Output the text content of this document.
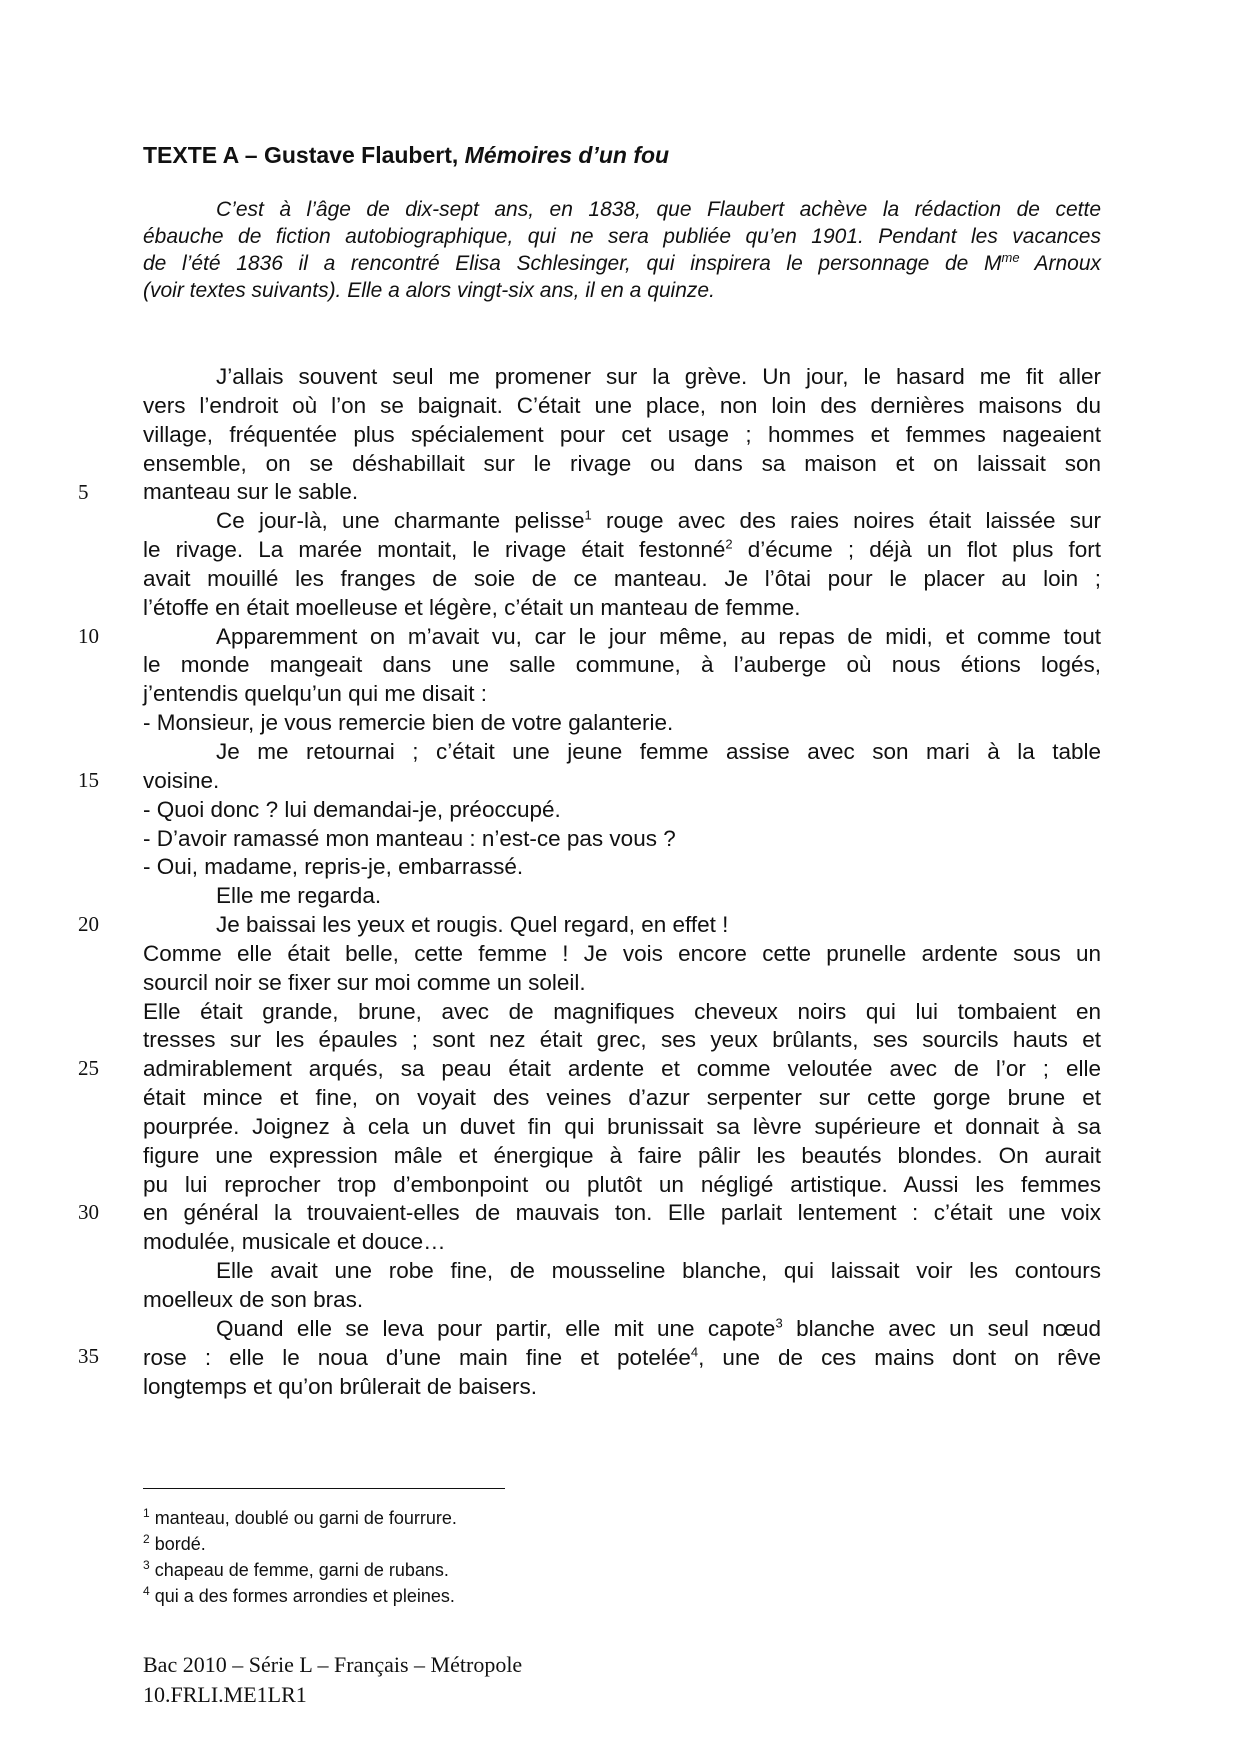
TEXTE A – Gustave Flaubert, Mémoires d’un fou
C’est à l’âge de dix-sept ans, en 1838, que Flaubert achève la rédaction de cette
ébauche de fiction autobiographique, qui ne sera publiée qu’en 1901. Pendant les vacances
de l’été 1836 il a rencontré Elisa Schlesinger, qui inspirera le personnage de $M^{me}$ Arnoux
(voir textes suivants). Elle a alors vingt-six ans, il en a quinze.
J’allais souvent seul me promener sur la grève. Un jour, le hasard me fit aller
vers l’endroit où l’on se baignait. C’était une place, non loin des dernières maisons du
village, fréquentée plus spécialement pour cet usage ; hommes et femmes nageaient
ensemble, on se déshabillait sur le rivage ou dans sa maison et on laissait son
manteau sur le sable.
Ce jour-là, une charmante pelisse$^1$ rouge avec des raies noires était laissée sur
le rivage. La marée montait, le rivage était festonné$^2$ d’écume ; déjà un flot plus fort
avait mouillé les franges de soie de ce manteau. Je l’ôtai pour le placer au loin ;
l’étoffe en était moelleuse et légère, c’était un manteau de femme.
Apparemment on m’avait vu, car le jour même, au repas de midi, et comme tout
le monde mangeait dans une salle commune, à l’auberge où nous étions logés,
j’entendis quelqu’un qui me disait :
- Monsieur, je vous remercie bien de votre galanterie.
Je me retournai ; c’était une jeune femme assise avec son mari à la table
voisine.
- Quoi donc ? lui demandai-je, préoccupé.
- D’avoir ramassé mon manteau : n’est-ce pas vous ?
- Oui, madame, repris-je, embarrassé.
Elle me regarda.
Je baissai les yeux et rougis. Quel regard, en effet !
Comme elle était belle, cette femme ! Je vois encore cette prunelle ardente sous un
sourcil noir se fixer sur moi comme un soleil.
Elle était grande, brune, avec de magnifiques cheveux noirs qui lui tombaient en
tresses sur les épaules ; sont nez était grec, ses yeux brûlants, ses sourcils hauts et
admirablement arqués, sa peau était ardente et comme veloutée avec de l’or ; elle
était mince et fine, on voyait des veines d’azur serpenter sur cette gorge brune et
pourprée. Joignez à cela un duvet fin qui brunissait sa lèvre supérieure et donnait à sa
figure une expression mâle et énergique à faire pâlir les beautés blondes. On aurait
pu lui reprocher trop d’embonpoint ou plutôt un négligé artistique. Aussi les femmes
en général la trouvaient-elles de mauvais ton. Elle parlait lentement : c’était une voix
modulée, musicale et douce…
Elle avait une robe fine, de mousseline blanche, qui laissait voir les contours
moelleux de son bras.
Quand elle se leva pour partir, elle mit une capote$^3$ blanche avec un seul nœud
rose : elle le noua d’une main fine et potelée$^4$, une de ces mains dont on rêve
longtemps et qu’on brûlerait de baisers.
5
10
15
20
25
30
35
$^1$ manteau, doublé ou garni de fourrure.
$^2$ bordé.
$^3$ chapeau de femme, garni de rubans.
$^4$ qui a des formes arrondies et pleines.
Bac 2010 – Série L – Français – Métropole
10.FRLI.ME1LR1
